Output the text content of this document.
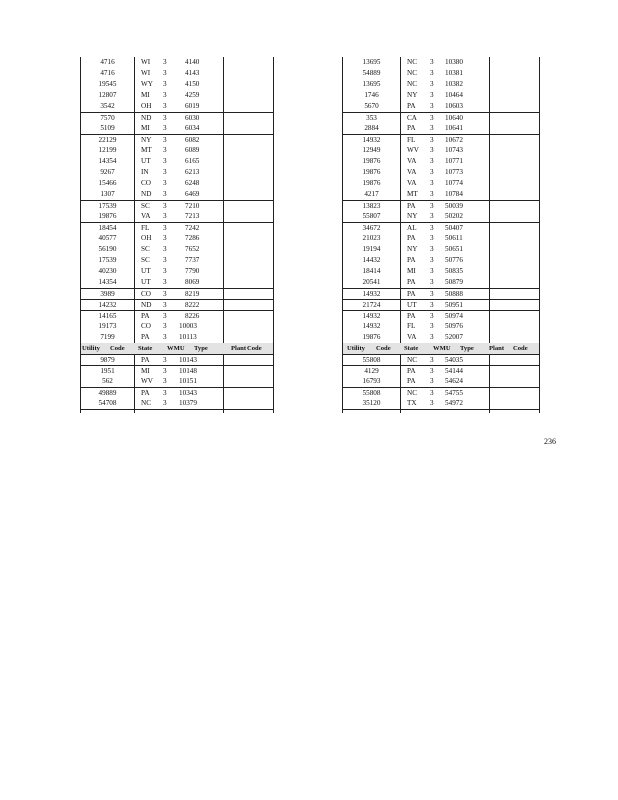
4716	WI 3	4140
4716	WI 3	4143
19545	WY 3	4150
12807	MI 3	4259
3542	OH 3	6019
7570	ND 3	6030
5109	MI 3	6034
22129	NY 3	6082
12199	MT 3	6089
14354	UT 3	6165
9267	IN 3	6213
15466	CO 3	6248
1307	ND 3	6469
17539	SC 3	7210
19876	VA 3	7213
18454	FL 3	7242
40577	OH 3	7286
56190	SC 3	7652
17539	SC 3	7737
40230	UT 3	7790
14354	UT 3	8069
3989	CO 3	8219
14232	ND 3	8222
14165	PA 3	8226
19173	CO 3 10003
7199	PA 3 10113
Utility Code State WMU Type	Plant Code
9879	PA 3 10143
1951	MI 3 10148
562	WV 3 10151
49889	PA 3 10343
54708	NC 3 10379
13695	NC 3 10380
54889	NC 3 10381
13695	NC 3 10382
1746	NY 3 10464
5670	PA 3 10603
353	CA 3 10640
2884	PA 3 10641
14932	FL 3 10672
12949	WV 3 10743
19876	VA 3 10771
19876	VA 3 10773
19876	VA 3 10774
4217	MT 3 10784
13823	PA 3 50039
55807	NY 3 50202
34672	AL 3 50407
21023	PA 3 50611
19194	NY 3 50651
14432	PA 3 50776
18414	MI 3 50835
20541	PA 3 50879
14932	PA 3 50888
21724	UT 3 50951
14932	PA 3 50974
14932	FL 3 50976
19876	VA 3 52007
Utility Code State WMU Type Plant Code
55808	NC 3 54035
4129	PA 3 54144
16793	PA 3 54624
55808	NC 3 54755
35120	TX 3 54972
236
